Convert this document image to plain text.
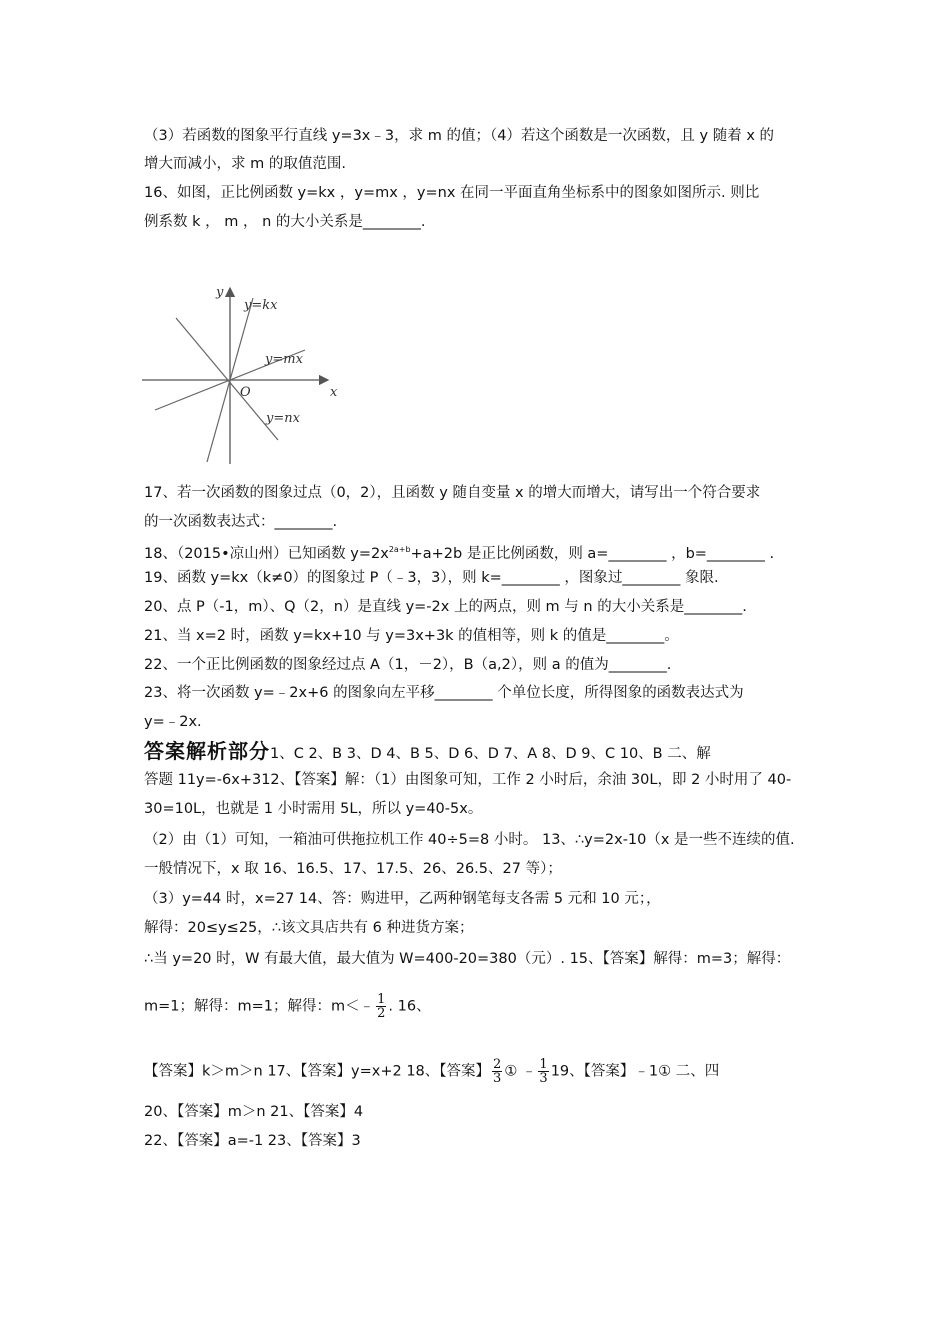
（3）若函数的图象平行直线 y=3x﹣3，求 m 的值；（4）若这个函数是一次函数，且 y 随着 x 的
增大而减小，求 m 的取值范围.
16、如图，正比例函数 y=kx ，y=mx ，y=nx 在同一平面直角坐标系中的图象如图所示. 则比
例系数 k ， m ， n 的大小关系是________.
y
x
O
y=kx
y=mx
y=nx
17、若一次函数的图象过点（0，2），且函数 y 随自变量 x 的增大而增大，请写出一个符合要求
的一次函数表达式：________.
18、（2015•凉山州）已知函数 $y=2x^{2a+b}+a+2b$ 是正比例函数，则 a=________ ，b=________ .
19、函数 y=kx（k≠0）的图象过 P（﹣3，3），则 k=________ ，图象过________ 象限.
20、点 P（-1，m）、Q（2，n）是直线 y=-2x 上的两点，则 m 与 n 的大小关系是________.
21、当 x=2 时，函数 y=kx+10 与 y=3x+3k 的值相等，则 k 的值是________。
22、一个正比例函数的图象经过点 A（1，－2），B（a,2），则 a 的值为________.
23、将一次函数 y=﹣2x+6 的图象向左平移________ 个单位长度，所得图象的函数表达式为
y=﹣2x.
答案解析部分1、C 2、B 3、D 4、B 5、D 6、D 7、A 8、D 9、C 10、B 二、解
答题 11y=-6x+312、【答案】解：（1）由图象可知，工作 2 小时后，余油 30L，即 2 小时用了 40-
30=10L，也就是 1 小时需用 5L，所以 y=40-5x。
（2）由（1）可知，一箱油可供拖拉机工作 40÷5=8 小时。 13、∴y=2x-10（x 是一些不连续的值.
一般情况下，x 取 16、16.5、17、17.5、26、26.5、27 等）；
（3）y=44 时，x=27 14、答：购进甲，乙两种钢笔每支各需 5 元和 10 元；，
解得：20≤y≤25，∴该文具店共有 6 种进货方案；
∴当 y=20 时，W 有最大值，最大值为 W=400-20=380（元）. 15、【答案】解得：m=3；解得：
m=1；解得：m=1；解得：m＜﹣ $\frac{1}{2}$ . 16、
【答案】k＞m＞n 17、【答案】y=x+2 18、【答案】 $\frac{2}{3}$ ① ﹣ $\frac{1}{3} 19$、【答案】﹣1① 二、四
20、【答案】m＞n 21、【答案】4
22、【答案】a=-1 23、【答案】3
